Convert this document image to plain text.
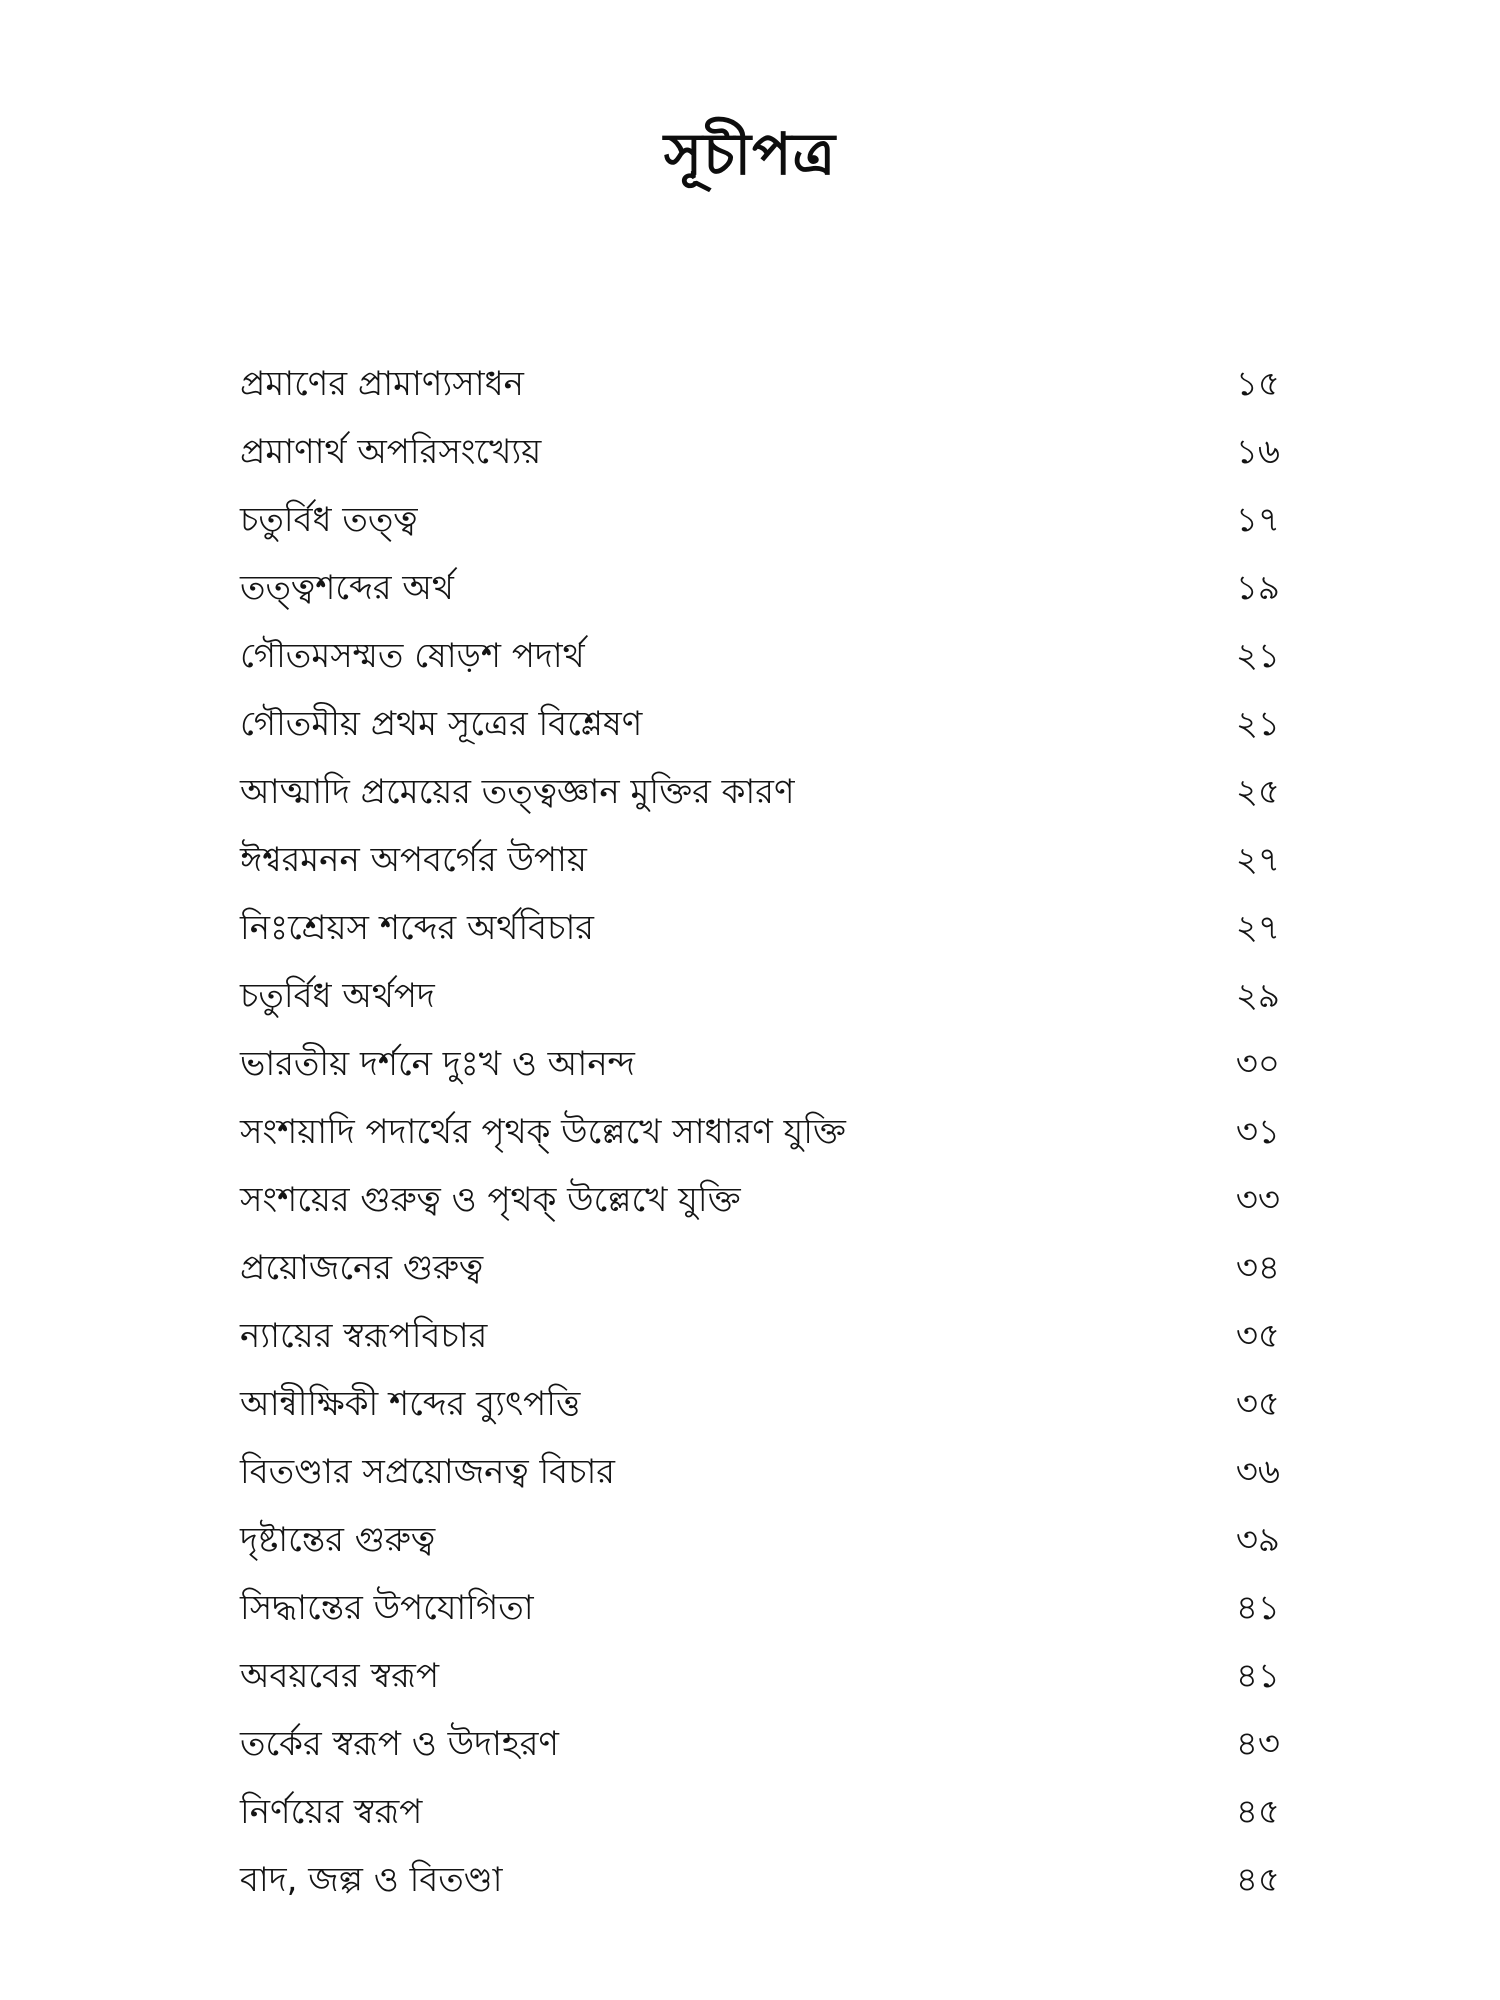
সূচীপত্র
প্রমাণের প্রামাণ্যসাধন	১৫
প্রমাণার্থ অপরিসংখ্যেয়	১৬
চতুর্বিধ তত্ত্ব	১৭
তত্ত্বশব্দের অর্থ	১৯
গৌতমসম্মত ষোড়শ পদার্থ	২১
গৌতমীয় প্রথম সূত্রের বিশ্লেষণ	২১
আত্মাদি প্রমেয়ের তত্ত্বজ্ঞান মুক্তির কারণ	২৫
ঈশ্বরমনন অপবর্গের উপায়	২৭
নিঃশ্রেয়স শব্দের অর্থবিচার	২৭
চতুর্বিধ অর্থপদ	২৯
ভারতীয় দর্শনে দুঃখ ও আনন্দ	৩০
সংশয়াদি পদার্থের পৃথক্ উল্লেখে সাধারণ যুক্তি	৩১
সংশয়ের গুরুত্ব ও পৃথক্ উল্লেখে যুক্তি	৩৩
প্রয়োজনের গুরুত্ব	৩৪
ন্যায়ের স্বরূপবিচার	৩৫
আন্বীক্ষিকী শব্দের ব্যুৎপত্তি	৩৫
বিতণ্ডার সপ্রয়োজনত্ব বিচার	৩৬
দৃষ্টান্তের গুরুত্ব	৩৯
সিদ্ধান্তের উপযোগিতা	৪১
অবয়বের স্বরূপ	৪১
তর্কের স্বরূপ ও উদাহরণ	৪৩
নির্ণয়ের স্বরূপ	৪৫
বাদ, জল্প ও বিতণ্ডা	৪৫
